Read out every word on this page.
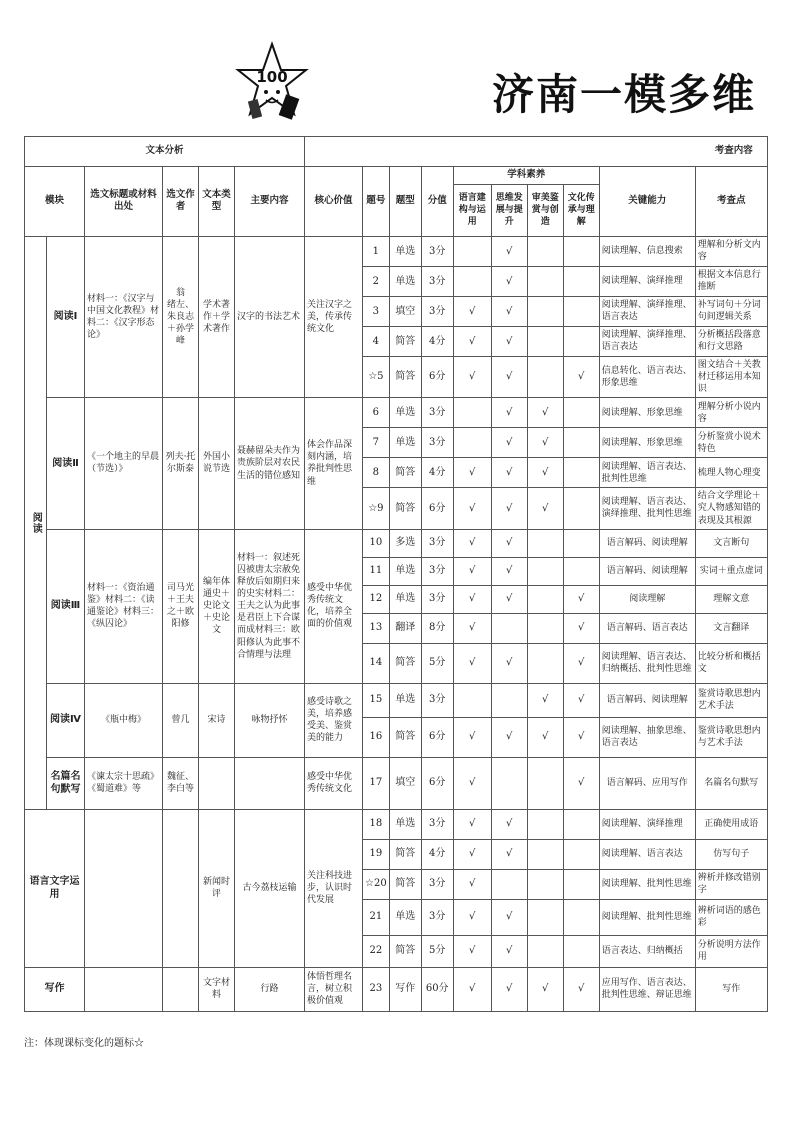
100	济南一模多维
文本分析						考查内容									
模块		选文标题或材料出处	选文作者	文本类型	主要内容	核心价值	题号	题型	分值	学科素养				关键能力	考查点
										语言建构与运用	思维发展与提升	审美鉴赏与创造	文化传承与理解		
阅读	阅读Ⅰ	材料一：《汉字与中国文化教程》材料二：《汉字形态论》	翁　　绪左、朱良志＋孙学峰	学术著作＋学术著作	汉字的书法艺术	关注汉字之美，传承传统文化	1	单选	3分		√			阅读理解、信息搜索	理解和分析文内容
							2	单选	3分		√			阅读理解、演绎推理	根据文本信息行推断
							3	填空	3分	√	√			阅读理解、演绎推理、语言表达	补写词句＋分词句间逻辑关系
							4	简答	4分	√	√			阅读理解、演绎推理、语言表达	分析概括段落意和行文思路
							☆5	简答	6分	√	√		√	信息转化、语言表达、形象思维	图文结合＋关教材迁移运用本知识
	阅读Ⅱ	《一个地主的早晨（节选）》	列夫·托尔斯泰	外国小说节选	聂赫留朵夫作为贵族阶层对农民生活的错位感知	体会作品深刻内涵，培养批判性思维	6	单选	3分		√	√		阅读理解、形象思维	理解分析小说内容
							7	单选	3分		√	√		阅读理解、形象思维	分析鉴赏小说术特色
							8	简答	4分	√	√	√		阅读理解、语言表达、批判性思维	梳理人物心理变
							☆9	简答	6分	√	√	√		阅读理解、语言表达、演绎推理、批判性思维	结合文学理论＋究人物感知错的表现及其根源
	阅读Ⅲ	材料一：《资治通鉴》材料二：《读通鉴论》材料三：《纵囚论》	司马光＋王夫之＋欧阳修	编年体通史＋史论文＋史论文	材料一：叙述死囚被唐太宗赦免释放后如期归来的史实材料二：王夫之认为此事是君臣上下合谋而成材料三：欧阳修认为此事不合情理与法理	感受中华优秀传统文化，培养全面的价值观	10	多选	3分	√	√			语言解码、阅读理解	文言断句
							11	单选	3分	√	√			语言解码、阅读理解	实词＋重点虚词
							12	单选	3分	√	√		√	阅读理解	理解文意
							13	翻译	8分	√			√	语言解码、语言表达	文言翻译
							14	简答	5分	√	√		√	阅读理解、语言表达、归纳概括、批判性思维	比较分析和概括文
	阅读Ⅳ	《瓶中梅》	曾几	宋诗	咏物抒怀	感受诗歌之美，培养感受美、鉴赏美的能力	15	单选	3分			√	√	语言解码、阅读理解	鉴赏诗歌思想内艺术手法
							16	简答	6分	√	√	√	√	阅读理解、抽象思维、语言表达	鉴赏诗歌思想内与艺术手法
	名篇名句默写	《谏太宗十思疏》《蜀道难》等	魏征、李白等			感受中华优秀传统文化	17	填空	6分	√			√	语言解码、应用写作	名篇名句默写
语言文字运用				新闻时评	古今荔枝运输	关注科技进步，认识时代发展	18	单选	3分	√	√			阅读理解、演绎推理	正确使用成语
							19	简答	4分	√	√			阅读理解、语言表达	仿写句子
							☆20	简答	3分	√				阅读理解、批判性思维	辨析并修改错别字
							21	单选	3分	√	√			阅读理解、批判性思维	辨析词语的感色彩
							22	简答	5分	√	√			语言表达、归纳概括	分析说明方法作用
写作				文字材料	行路	体悟哲理名言，树立积极价值观	23	写作	60分	√	√	√	√	应用写作、语言表达、批判性思维、辩证思维	写作
注：体现课标变化的题标☆
